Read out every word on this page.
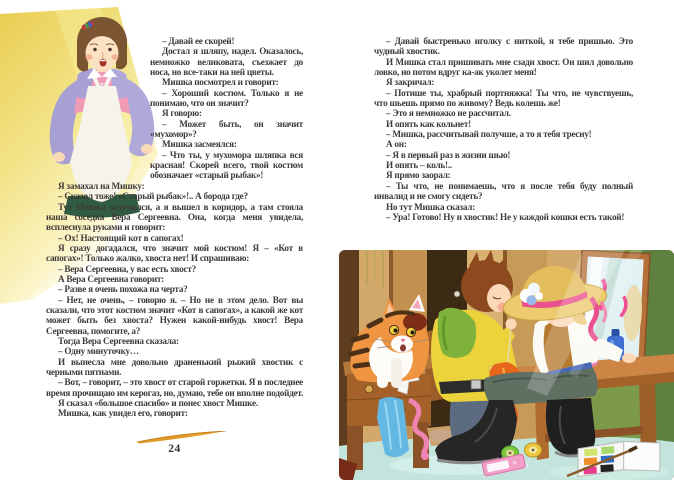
– Давай ее скорей!

Достал я шляпу, надел. Оказалось, немножко великовата, съезжает до носа, но все-таки на ней цветы.

Мишка посмотрел и говорит:

– Хороший костюм. Только я не понимаю, что он значит?

Я говорю:

– Может быть, он значит «мухомор»?

Мишка засмеялся:

– Что ты, у мухомора шляпка вся красная! Скорей всего, твой костюм обозначает «старый рыбак»!

Я замахал на Мишку:

– Сказал тоже! «Старый рыбак»!.. А борода где?

Тут Мишка задумался, а я вышел в коридор, а там стояла наша соседка Вера Сергеевна. Она, когда меня увидела, всплеснула руками и говорит:

– Ох! Настоящий кот в сапогах!

Я сразу догадался, что значит мой костюм! Я – «Кот в сапогах»! Только жалко, хвоста нет! И спрашиваю:

– Вера Сергеевна, у вас есть хвост?

А Вера Сергеевна говорит:

– Разве я очень похожа на черта?

– Нет, не очень, – говорю я. – Но не в этом дело. Вот вы сказали, что этот костюм значит «Кот в сапогах», а какой же кот может быть без хвоста? Нужен какой-нибудь хвост! Вера Сергеевна, помогите, а?

Тогда Вера Сергеевна сказала:

– Одну минуточку…

И вынесла мне довольно драненький рыжий хвостик с черными пятнами.

– Вот, – говорит, – это хвост от старой горжетки. Я в последнее время прочищаю им керогаз, но, думаю, тебе он вполне подойдет.

Я сказал «большое спасибо» и понес хвост Мишке.

Мишка, как увидел его, говорит:

24

– Давай быстренько иголку с ниткой, я тебе пришью. Это чудный хвостик.

И Мишка стал пришивать мне сзади хвост. Он шил довольно ловко, но потом вдруг ка-ак уколет меня!

Я закричал:

– Потише ты, храбрый портняжка! Ты что, не чувствуешь, что шьешь прямо по живому? Ведь колешь же!

– Это я немножко не рассчитал.

И опять как кольнет!

– Мишка, рассчитывай получше, а то я тебя тресну!

А он:

– Я в первый раз в жизни шью!

И опять – коль!..

Я прямо заорал:

– Ты что, не понимаешь, что я после тебя буду полный инвалид и не смогу сидеть?

Но тут Мишка сказал:

– Ура! Готово! Ну и хвостик! Не у каждой кошки есть такой!
